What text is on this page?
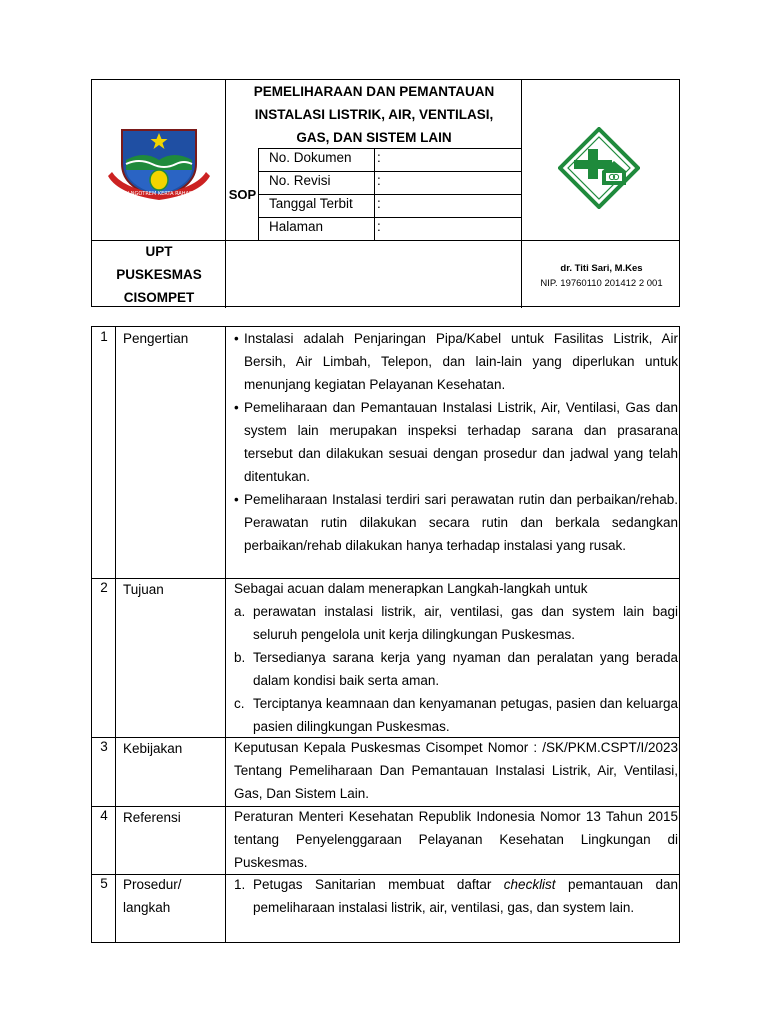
SIH NGOTREM KERTA RAHARJA
PEMELIHARAAN DAN PEMANTAUAN
INSTALASI LISTRIK, AIR, VENTILASI,
GAS, DAN SISTEM LAIN
SOP
No. Dokumen :
No. Revisi	:
Tanggal Terbit :
Halaman	:
UPT
PUSKESMAS
CISOMPET
dr. Titi Sari, M.Kes
NIP. 19760110 201412 2 001
1	Pengertian
•	Instalasi adalah Penjaringan Pipa/Kabel untuk Fasilitas Listrik, Air Bersih, Air Limbah, Telepon, dan lain-lain yang diperlukan untuk menunjang kegiatan Pelayanan Kesehatan.
• Pemeliharaan dan Pemantauan Instalasi Listrik, Air, Ventilasi, Gas dan system lain merupakan inspeksi terhadap sarana dan prasarana tersebut dan dilakukan sesuai dengan prosedur dan jadwal yang telah ditentukan.
• Pemeliharaan Instalasi terdiri sari perawatan rutin dan perbaikan/rehab. Perawatan rutin dilakukan secara rutin dan berkala sedangkan perbaikan/rehab dilakukan hanya terhadap instalasi yang rusak.
2	Tujuan	Sebagai acuan dalam menerapkan Langkah-langkah untuk
a. perawatan instalasi listrik, air, ventilasi, gas dan system lain bagi seluruh pengelola unit kerja dilingkungan Puskesmas.
b. Tersedianya sarana kerja yang nyaman dan peralatan yang berada dalam kondisi baik serta aman.
c. Terciptanya keamnaan dan kenyamanan petugas, pasien dan keluarga pasien dilingkungan Puskesmas.
3	Kebijakan	Keputusan Kepala Puskesmas Cisompet Nomor : /SK/PKM.CSPT/I/2023 Tentang Pemeliharaan Dan Pemantauan Instalasi Listrik, Air, Ventilasi, Gas, Dan Sistem Lain.
4	Referensi	Peraturan Menteri Kesehatan Republik Indonesia Nomor 13 Tahun 2015 tentang Penyelenggaraan Pelayanan Kesehatan Lingkungan di Puskesmas.
5	Prosedur/
langkah
1. Petugas Sanitarian membuat daftar checklist pemantauan dan pemeliharaan instalasi listrik, air, ventilasi, gas, dan system lain.
